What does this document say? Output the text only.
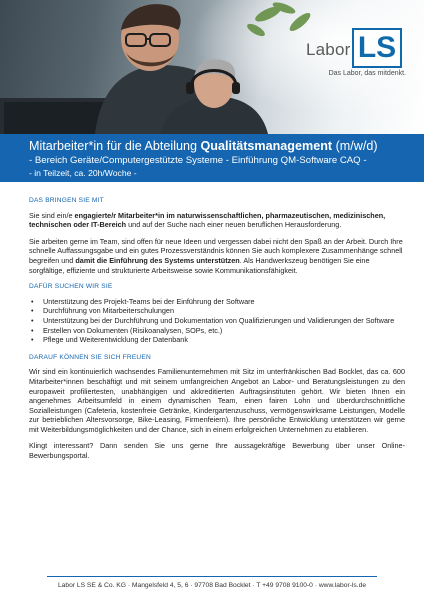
Labor LS
Das Labor, das mitdenkt.
Mitarbeiter*in für die Abteilung Qualitätsmanagement (m/w/d)
- Bereich Geräte/Computergestützte Systeme - Einführung QM-Software CAQ -
- in Teilzeit, ca. 20h/Woche -
DAS BRINGEN SIE MIT

Sie sind ein/e engagierte/r Mitarbeiter*in im naturwissenschaftlichen, pharmazeutischen, medizinischen, technischen oder IT-Bereich und auf der Suche nach einer neuen beruflichen Herausforderung.

Sie arbeiten gerne im Team, sind offen für neue Ideen und vergessen dabei nicht den Spaß an der Arbeit. Durch Ihre schnelle Auffassungsgabe und ein gutes Prozessverständnis können Sie auch komplexere Zusammenhänge schnell begreifen und damit die Einführung des Systems unterstützen. Als Handwerkszeug benötigen Sie eine sorgfältige, effiziente und strukturierte Arbeitsweise sowie Kommunikationsfähigkeit.

DAFÜR SUCHEN WIR SIE
• Unterstützung des Projekt-Teams bei der Einführung der Software
• Durchführung von Mitarbeiterschulungen
• Unterstützung bei der Durchführung und Dokumentation von Qualifizierungen und Validierungen der Software
• Erstellen von Dokumenten (Risikoanalysen, SOPs, etc.)
• Pflege und Weiterentwicklung der Datenbank
DARAUF KÖNNEN SIE SICH FREUEN

Wir sind ein kontinuierlich wachsendes Familienunternehmen mit Sitz im unterfränkischen Bad Bocklet, das ca. 600 Mitarbeiter*innen beschäftigt und mit seinem umfangreichen Angebot an Labor- und Beratungsleistungen zu den europaweit profiliertesten, unabhängigen und akkreditierten Auftragsinstituten gehört. Wir bieten Ihnen ein angenehmes Arbeitsumfeld in einem dynamischen Team, einen fairen Lohn und überdurchschnittliche Sozialleistungen (Cafeteria, kostenfreie Getränke, Kindergartenzuschuss, vermögenswirksame Leistungen, Modelle zur betrieblichen Altersvorsorge, Bike-Leasing, Firmenfeiern). Ihre persönliche Entwicklung unterstützen wir gerne mit Weiterbildungsmöglichkeiten und der Chance, sich in einem erfolgreichen Unternehmen zu etablieren.

Klingt interessant? Dann senden Sie uns gerne Ihre aussagekräftige Bewerbung über unser Online-Bewerbungsportal.

Labor LS SE & Co. KG · Mangelsfeld 4, 5, 6 · 97708 Bad Bocklet · T +49 9708 9100-0 · www.labor-ls.de
